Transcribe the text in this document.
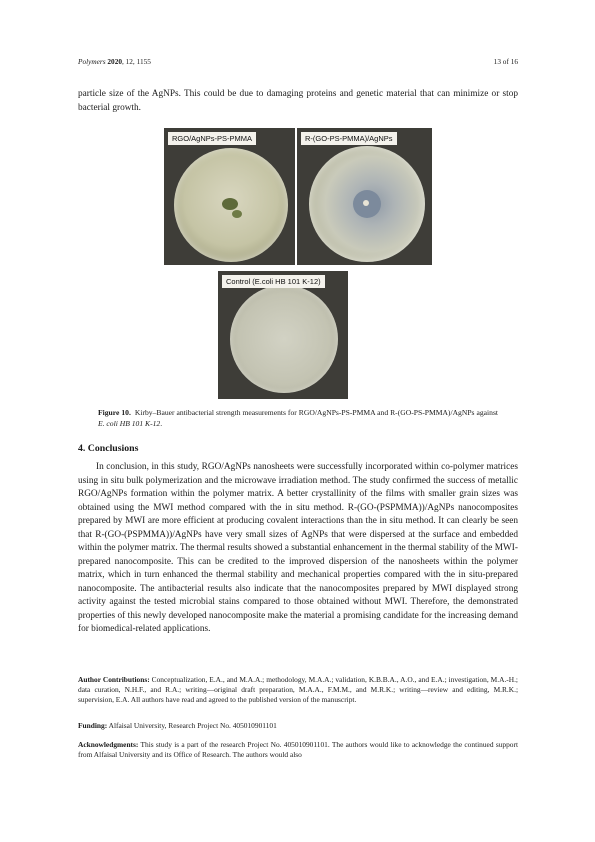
Polymers 2020, 12, 1155	13 of 16

particle size of the AgNPs. This could be due to damaging proteins and genetic material that can minimize or stop bacterial growth.

RGO/AgNPs-PS-PMMA	R-(GO-PS-PMMA)/AgNPs
Control (E.coli HB 101 K-12)
Figure 10. Kirby–Bauer antibacterial strength measurements for RGO/AgNPs-PS-PMMA and R-(GO-PS-PMMA)/AgNPs against E. coli HB 101 K-12.
4. Conclusions

In conclusion, in this study, RGO/AgNPs nanosheets were successfully incorporated within co-polymer matrices using in situ bulk polymerization and the microwave irradiation method. The study confirmed the success of metallic RGO/AgNPs formation within the polymer matrix. A better crystallinity of the films with smaller grain sizes was obtained using the MWI method compared with the in situ method. R-(GO-(PSPMMA))/AgNPs nanocomposites prepared by MWI are more efficient at producing covalent interactions than the in situ method. It can clearly be seen that R-(GO-(PSPMMA))/AgNPs have very small sizes of AgNPs that were dispersed at the surface and embedded within the polymer matrix. The thermal results showed a substantial enhancement in the thermal stability of the MWI-prepared nanocomposite. This can be credited to the improved dispersion of the nanosheets within the polymer matrix, which in turn enhanced the thermal stability and mechanical properties compared with the in situ-prepared nanocomposite. The antibacterial results also indicate that the nanocomposites prepared by MWI displayed strong activity against the tested microbial stains compared to those obtained without MWI. Therefore, the demonstrated properties of this newly developed nanocomposite make the material a promising candidate for the increasing demand for biomedical-related applications.

Author Contributions: Conceptualization, E.A., and M.A.A.; methodology, M.A.A.; validation, K.B.B.A., A.O., and E.A.; investigation, M.A.-H.; data curation, N.H.F., and R.A.; writing—original draft preparation, M.A.A., F.M.M., and M.R.K.; writing—review and editing, M.R.K.; supervision, E.A. All authors have read and agreed to the published version of the manuscript.

Funding: Alfaisal University, Research Project No. 405010901101

Acknowledgments: This study is a part of the research Project No. 405010901101. The authors would like to acknowledge the continued support from Alfaisal University and its Office of Research. The authors would also
